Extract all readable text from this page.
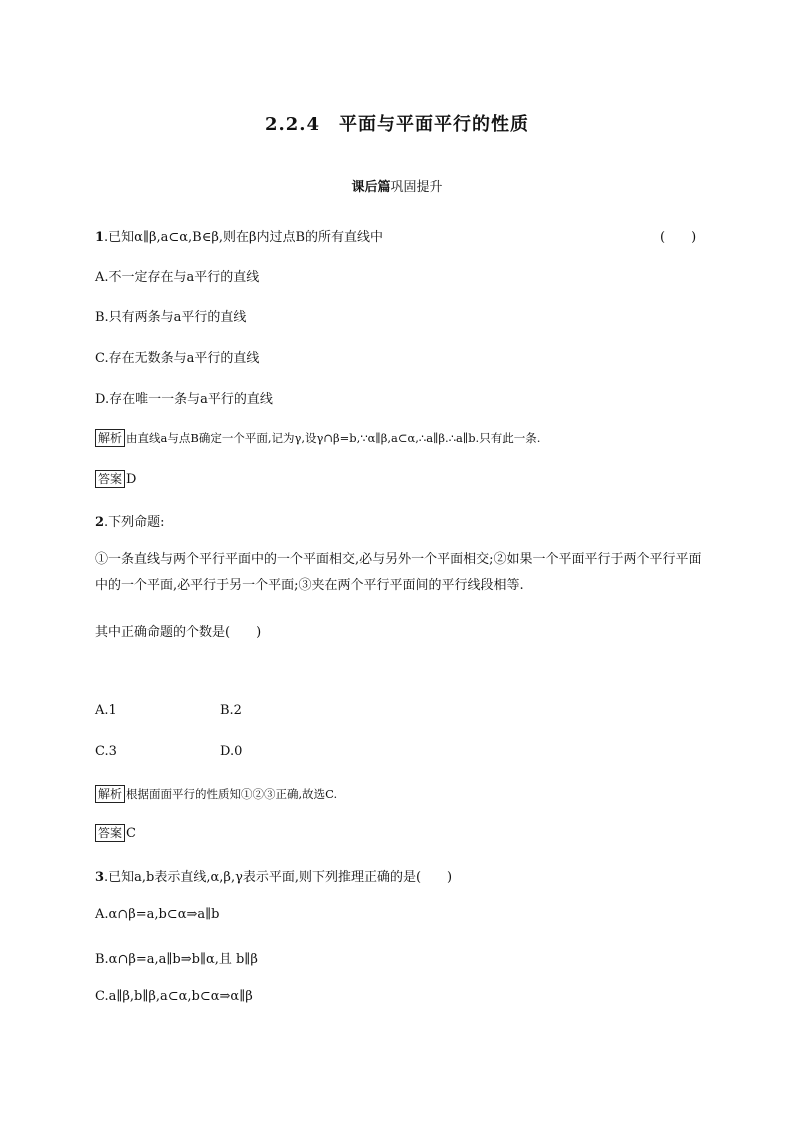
2.2.4　平面与平面平行的性质
课后篇巩固提升
1.已知α∥β,a⊂α,B∈β,则在β内过点B的所有直线中	(　　)
A.不一定存在与a平行的直线
B.只有两条与a平行的直线
C.存在无数条与a平行的直线
D.存在唯一一条与a平行的直线
解析 由直线a与点B确定一个平面,记为γ,设γ∩β=b,∵α∥β,a⊂α,∴a∥β.∴a∥b.只有此一条.
答案 D
2.下列命题:
①一条直线与两个平行平面中的一个平面相交,必与另外一个平面相交;②如果一个平面平行于两个平行平面中的一个平面,必平行于另一个平面;③夹在两个平行平面间的平行线段相等.
其中正确命题的个数是(　　)
A.1	B.2
C.3	D.0
解析 根据面面平行的性质知①②③正确,故选C.
答案 C
3.已知a,b表示直线,α,β,γ表示平面,则下列推理正确的是(　　)
A.α∩β=a,b⊂α⇒a∥b
B.α∩β=a,a∥b⇒b∥α,且 b∥β
C.a∥β,b∥β,a⊂α,b⊂α⇒α∥β
